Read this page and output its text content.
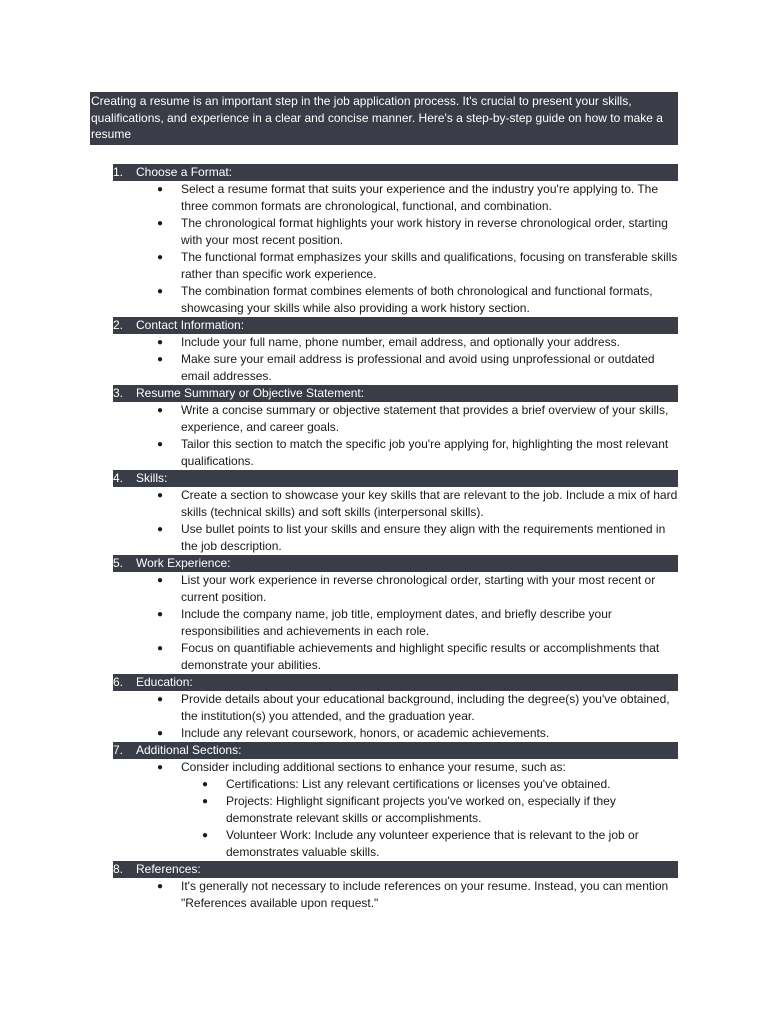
Creating a resume is an important step in the job application process. It's crucial to present your skills, qualifications, and experience in a clear and concise manner. Here's a step-by-step guide on how to make a resume
1.	Choose a Format:
● Select a resume format that suits your experience and the industry you're applying to. The three common formats are chronological, functional, and combination.
● The chronological format highlights your work history in reverse chronological order, starting with your most recent position.
● The functional format emphasizes your skills and qualifications, focusing on transferable skills rather than specific work experience.
● The combination format combines elements of both chronological and functional formats, showcasing your skills while also providing a work history section.
2.	Contact Information:
● Include your full name, phone number, email address, and optionally your address.
● Make sure your email address is professional and avoid using unprofessional or outdated email addresses.
3.	Resume Summary or Objective Statement:
● Write a concise summary or objective statement that provides a brief overview of your skills, experience, and career goals.
● Tailor this section to match the specific job you're applying for, highlighting the most relevant qualifications.
4.	Skills:
● Create a section to showcase your key skills that are relevant to the job. Include a mix of hard skills (technical skills) and soft skills (interpersonal skills).
● Use bullet points to list your skills and ensure they align with the requirements mentioned in the job description.
5.	Work Experience:
● List your work experience in reverse chronological order, starting with your most recent or current position.
● Include the company name, job title, employment dates, and briefly describe your responsibilities and achievements in each role.
● Focus on quantifiable achievements and highlight specific results or accomplishments that demonstrate your abilities.
6.	Education:
● Provide details about your educational background, including the degree(s) you've obtained, the institution(s) you attended, and the graduation year.
● Include any relevant coursework, honors, or academic achievements.
7.	Additional Sections:
● Consider including additional sections to enhance your resume, such as:
● Certifications: List any relevant certifications or licenses you've obtained.
● Projects: Highlight significant projects you've worked on, especially if they demonstrate relevant skills or accomplishments.
● Volunteer Work: Include any volunteer experience that is relevant to the job or demonstrates valuable skills.
8.	References:
● It's generally not necessary to include references on your resume. Instead, you can mention "References available upon request."
